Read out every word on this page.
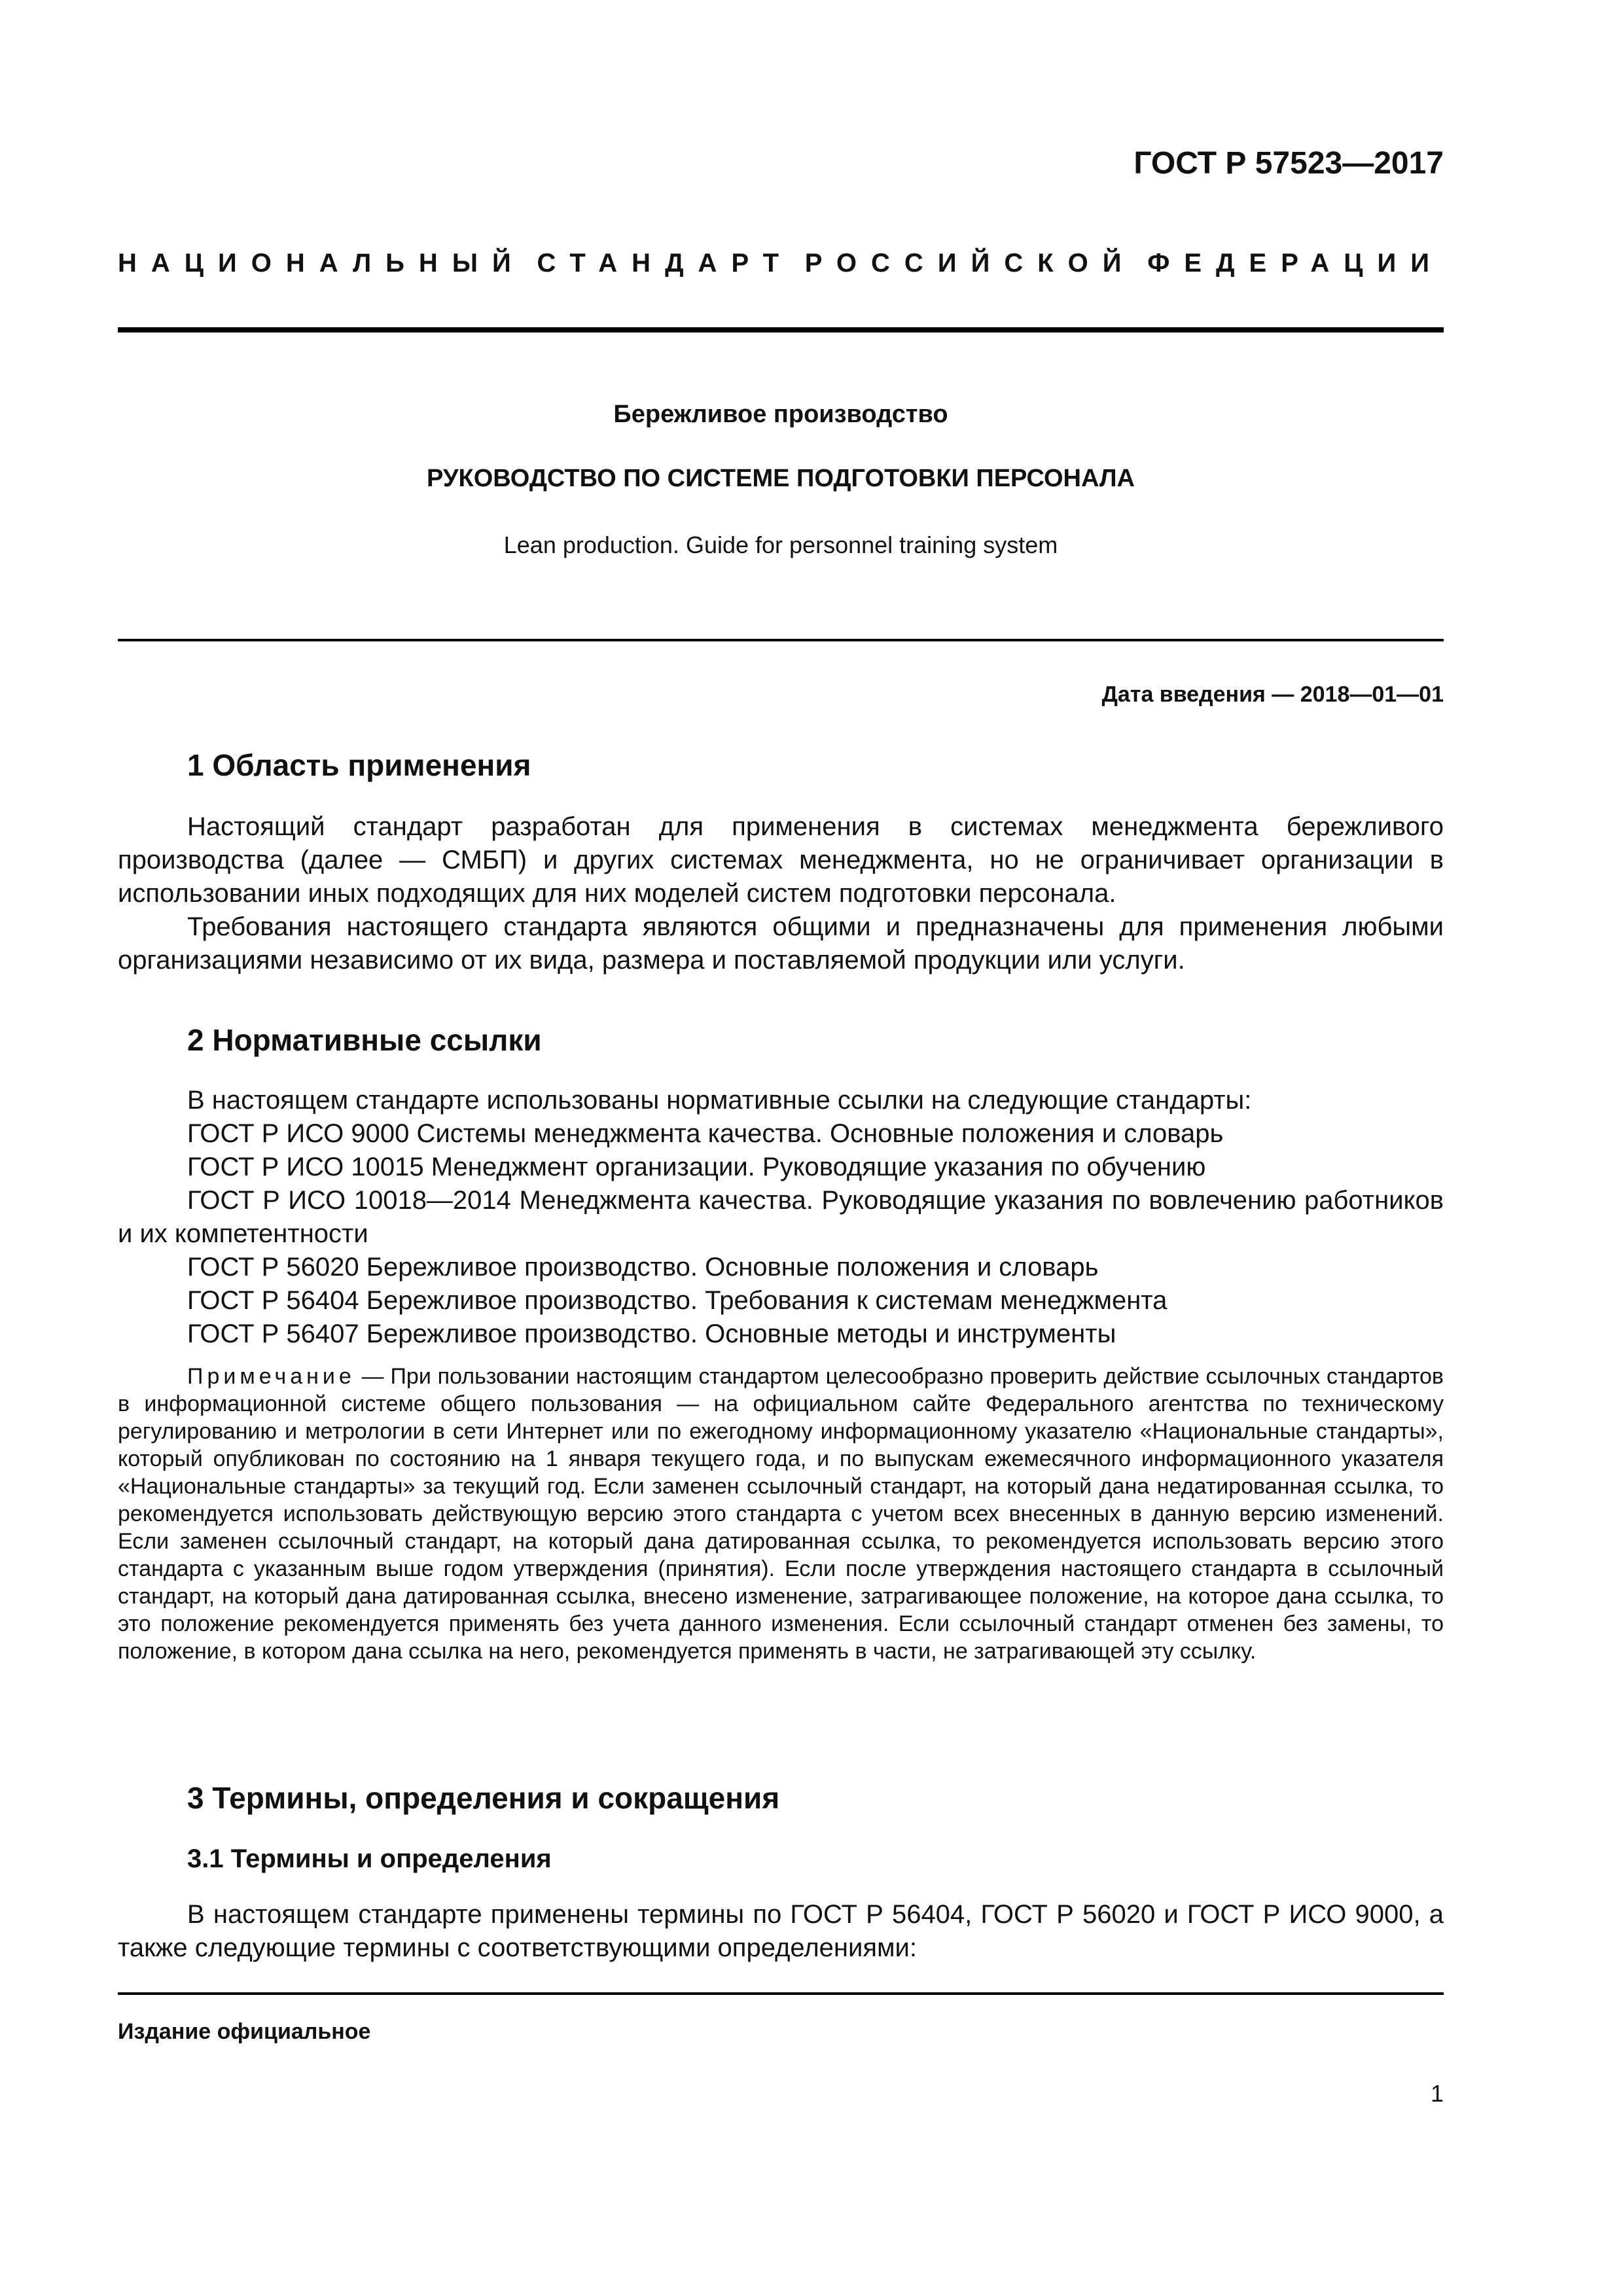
ГОСТ Р 57523—2017
НАЦИОНАЛЬНЫЙ СТАНДАРТ РОССИЙСКОЙ ФЕДЕРАЦИИ
Бережливое производство
РУКОВОДСТВО ПО СИСТЕМЕ ПОДГОТОВКИ ПЕРСОНАЛА
Lean production. Guide for personnel training system
Дата введения — 2018—01—01
1 Область применения

Настоящий стандарт разработан для применения в системах менеджмента бережливого производства (далее — СМБП) и других системах менеджмента, но не ограничивает организации в использовании иных подходящих для них моделей систем подготовки персонала.

Требования настоящего стандарта являются общими и предназначены для применения любыми организациями независимо от их вида, размера и поставляемой продукции или услуги.

2 Нормативные ссылки
В настоящем стандарте использованы нормативные ссылки на следующие стандарты:
ГОСТ Р ИСО 9000 Системы менеджмента качества. Основные положения и словарь
ГОСТ Р ИСО 10015 Менеджмент организации. Руководящие указания по обучению

ГОСТ Р ИСО 10018—2014 Менеджмента качества. Руководящие указания по вовлечению работников и их компетентности

ГОСТ Р 56020 Бережливое производство. Основные положения и словарь
ГОСТ Р 56404 Бережливое производство. Требования к системам менеджмента
ГОСТ Р 56407 Бережливое производство. Основные методы и инструменты

Примечание — При пользовании настоящим стандартом целесообразно проверить действие ссылочных стандартов в информационной системе общего пользования — на официальном сайте Федерального агентства по техническому регулированию и метрологии в сети Интернет или по ежегодному информационному указателю «Национальные стандарты», который опубликован по состоянию на 1 января текущего года, и по выпускам ежемесячного информационного указателя «Национальные стандарты» за текущий год. Если заменен ссылочный стандарт, на который дана недатированная ссылка, то рекомендуется использовать действующую версию этого стандарта с учетом всех внесенных в данную версию изменений. Если заменен ссылочный стандарт, на который дана датированная ссылка, то рекомендуется использовать версию этого стандарта с указанным выше годом утверждения (принятия). Если после утверждения настоящего стандарта в ссылочный стандарт, на который дана датированная ссылка, внесено изменение, затрагивающее положение, на которое дана ссылка, то это положение рекомендуется применять без учета данного изменения. Если ссылочный стандарт отменен без замены, то положение, в котором дана ссылка на него, рекомендуется применять в части, не затрагивающей эту ссылку.

3 Термины, определения и сокращения
3.1 Термины и определения

В настоящем стандарте применены термины по ГОСТ Р 56404, ГОСТ Р 56020 и ГОСТ Р ИСО 9000, а также следующие термины с соответствующими определениями:

Издание официальное
1
